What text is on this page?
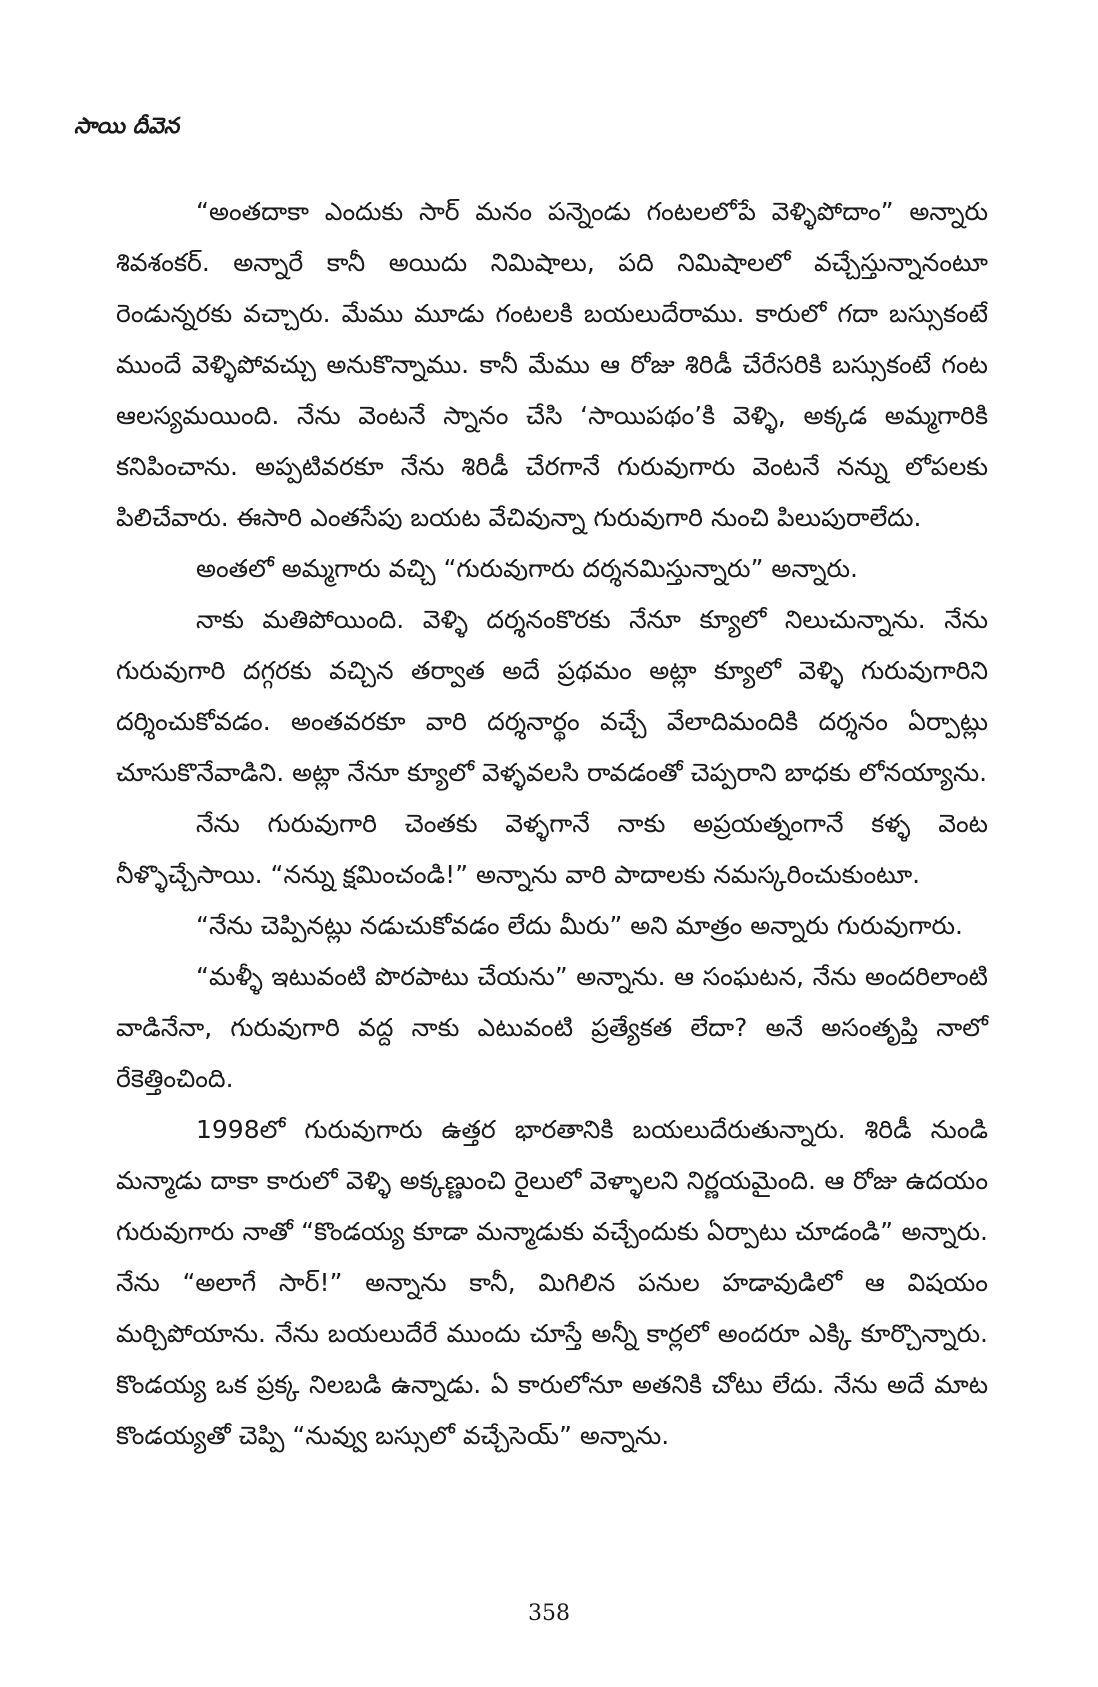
సాయి దీవెన

“అంతదాకా ఎందుకు సార్ మనం పన్నెండు గంటలలోపే వెళ్ళిపోదాం” అన్నారు శివశంకర్. అన్నారే కానీ అయిదు నిమిషాలు, పది నిమిషాలలో వచ్చేస్తున్నానంటూ రెండున్నరకు వచ్చారు. మేము మూడు గంటలకి బయలుదేరాము. కారులో గదా బస్సుకంటే ముందే వెళ్ళిపోవచ్చు అనుకొన్నాము. కానీ మేము ఆ రోజు శిరిడీ చేరేసరికి బస్సుకంటే గంట ఆలస్యమయింది. నేను వెంటనే స్నానం చేసి ‘సాయిపథం’కి వెళ్ళి, అక్కడ అమ్మగారికి కనిపించాను. అప్పటివరకూ నేను శిరిడీ చేరగానే గురువుగారు వెంటనే నన్ను లోపలకు పిలిచేవారు. ఈసారి ఎంతసేపు బయట వేచివున్నా గురువుగారి నుంచి పిలుపురాలేదు.

అంతలో అమ్మగారు వచ్చి “గురువుగారు దర్శనమిస్తున్నారు” అన్నారు.

నాకు మతిపోయింది. వెళ్ళి దర్శనంకొరకు నేనూ క్యూలో నిలుచున్నాను. నేను గురువుగారి దగ్గరకు వచ్చిన తర్వాత అదే ప్రథమం అట్లా క్యూలో వెళ్ళి గురువుగారిని దర్శించుకోవడం. అంతవరకూ వారి దర్శనార్థం వచ్చే వేలాదిమందికి దర్శనం ఏర్పాట్లు చూసుకొనేవాడిని. అట్లా నేనూ క్యూలో వెళ్ళవలసి రావడంతో చెప్పరాని బాధకు లోనయ్యాను.

నేను గురువుగారి చెంతకు వెళ్ళగానే నాకు అప్రయత్నంగానే కళ్ళ వెంట నీళ్ళొచ్చేసాయి. “నన్ను క్షమించండి!” అన్నాను వారి పాదాలకు నమస్కరించుకుంటూ.

“నేను చెప్పినట్లు నడుచుకోవడం లేదు మీరు” అని మాత్రం అన్నారు గురువుగారు.

“మళ్ళీ ఇటువంటి పొరపాటు చేయను” అన్నాను. ఆ సంఘటన, నేను అందరిలాంటి వాడినేనా, గురువుగారి వద్ద నాకు ఎటువంటి ప్రత్యేకత లేదా? అనే అసంతృప్తి నాలో రేకెత్తించింది.

1998లో గురువుగారు ఉత్తర భారతానికి బయలుదేరుతున్నారు. శిరిడీ నుండి మన్మాడు దాకా కారులో వెళ్ళి అక్కణ్ణుంచి రైలులో వెళ్ళాలని నిర్ణయమైంది. ఆ రోజు ఉదయం గురువుగారు నాతో “కొండయ్య కూడా మన్మాడుకు వచ్చేందుకు ఏర్పాటు చూడండి” అన్నారు. నేను “అలాగే సార్!” అన్నాను కానీ, మిగిలిన పనుల హడావుడిలో ఆ విషయం మర్చిపోయాను. నేను బయలుదేరే ముందు చూస్తే అన్నీ కార్లలో అందరూ ఎక్కి కూర్చొన్నారు. కొండయ్య ఒక ప్రక్క నిలబడి ఉన్నాడు. ఏ కారులోనూ అతనికి చోటు లేదు. నేను అదే మాట కొండయ్యతో చెప్పి “నువ్వు బస్సులో వచ్చేసెయ్” అన్నాను.

358
